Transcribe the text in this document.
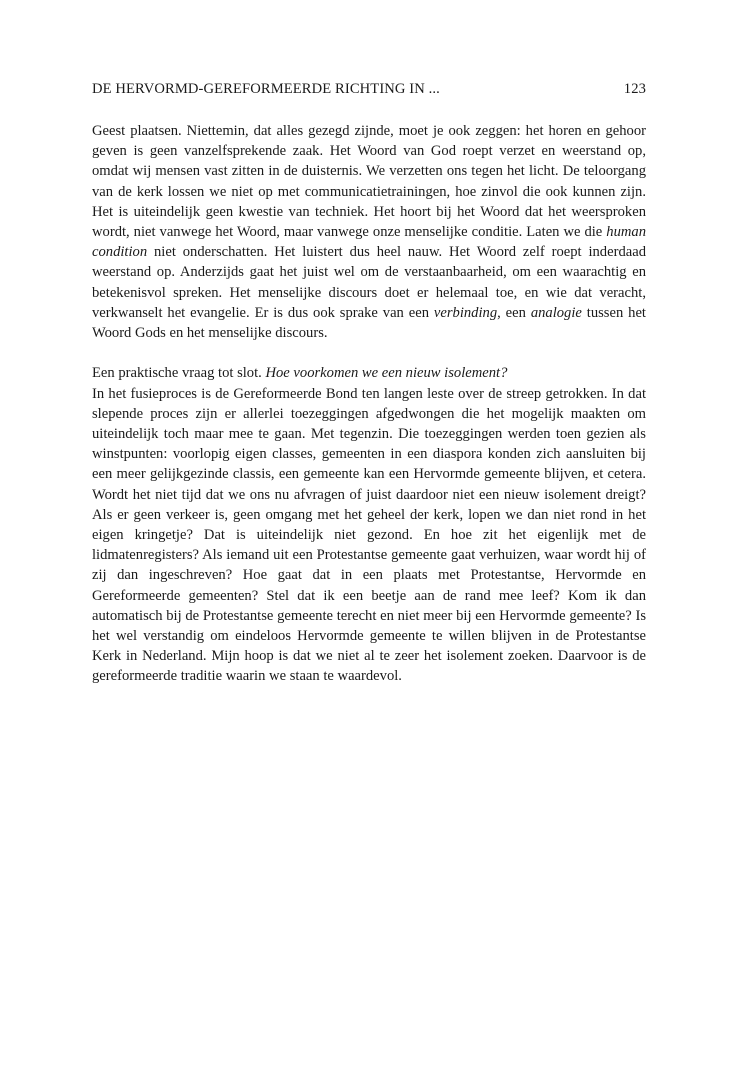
DE HERVORMD-GEREFORMEERDE RICHTING IN ...	123

Geest plaatsen. Niettemin, dat alles gezegd zijnde, moet je ook zeggen: het horen en gehoor geven is geen vanzelfsprekende zaak. Het Woord van God roept verzet en weerstand op, omdat wij mensen vast zitten in de duisternis. We verzetten ons tegen het licht. De teloorgang van de kerk lossen we niet op met communicatietrainingen, hoe zinvol die ook kunnen zijn. Het is uiteindelijk geen kwestie van techniek. Het hoort bij het Woord dat het weersproken wordt, niet vanwege het Woord, maar vanwege onze menselijke conditie. Laten we die human condition niet onderschatten. Het luistert dus heel nauw. Het Woord zelf roept inderdaad weerstand op. Anderzijds gaat het juist wel om de verstaanbaarheid, om een waarachtig en betekenisvol spreken. Het menselijke discours doet er helemaal toe, en wie dat veracht, verkwanselt het evangelie. Er is dus ook sprake van een verbinding, een analogie tussen het Woord Gods en het menselijke discours.

Een praktische vraag tot slot. Hoe voorkomen we een nieuw isolement?

In het fusieproces is de Gereformeerde Bond ten langen leste over de streep getrokken. In dat slepende proces zijn er allerlei toezeggingen afgedwongen die het mogelijk maakten om uiteindelijk toch maar mee te gaan. Met tegenzin. Die toezeggingen werden toen gezien als winstpunten: voorlopig eigen classes, gemeenten in een diaspora konden zich aansluiten bij een meer gelijkgezinde classis, een gemeente kan een Hervormde gemeente blijven, et cetera. Wordt het niet tijd dat we ons nu afvragen of juist daardoor niet een nieuw isolement dreigt? Als er geen verkeer is, geen omgang met het geheel der kerk, lopen we dan niet rond in het eigen kringetje? Dat is uiteindelijk niet gezond. En hoe zit het eigenlijk met de lidmatenregisters? Als iemand uit een Protestantse gemeente gaat verhuizen, waar wordt hij of zij dan ingeschreven? Hoe gaat dat in een plaats met Protestantse, Hervormde en Gereformeerde gemeenten? Stel dat ik een beetje aan de rand mee leef? Kom ik dan automatisch bij de Protestantse gemeente terecht en niet meer bij een Hervormde gemeente? Is het wel verstandig om eindeloos Hervormde gemeente te willen blijven in de Protestantse Kerk in Nederland. Mijn hoop is dat we niet al te zeer het isolement zoeken. Daarvoor is de gereformeerde traditie waarin we staan te waardevol.
